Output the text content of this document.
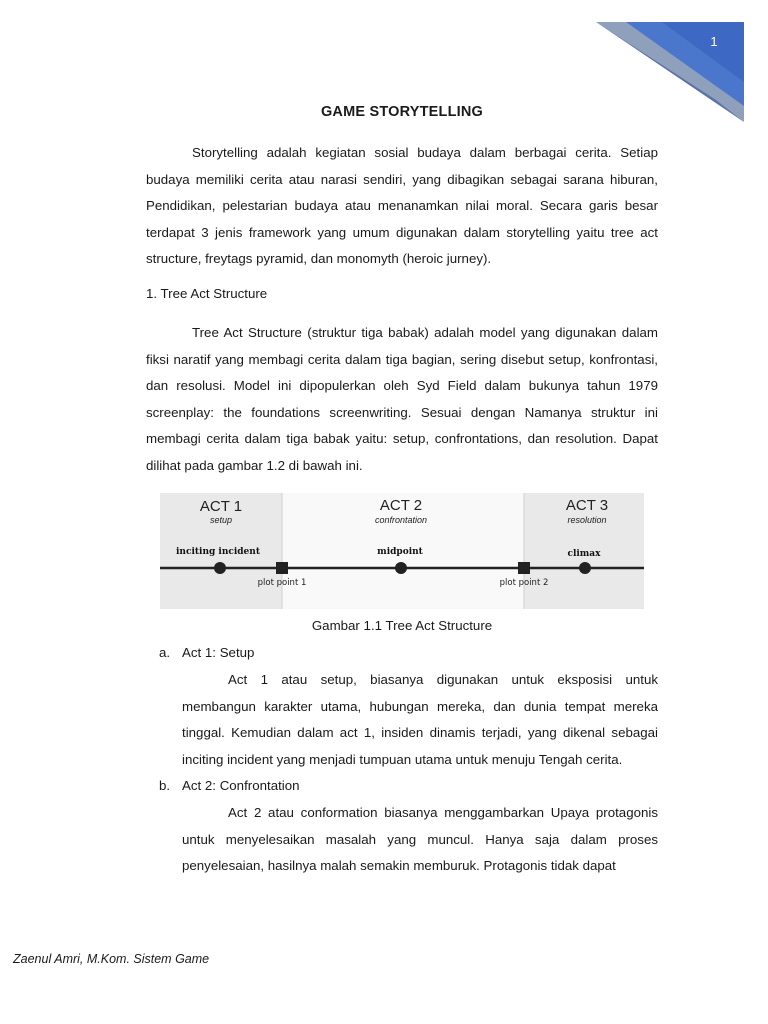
1
GAME STORYTELLING

Storytelling adalah kegiatan sosial budaya dalam berbagai cerita. Setiap budaya memiliki cerita atau narasi sendiri, yang dibagikan sebagai sarana hiburan, Pendidikan, pelestarian budaya atau menanamkan nilai moral. Secara garis besar terdapat 3 jenis framework yang umum digunakan dalam storytelling yaitu tree act structure, freytags pyramid, dan monomyth (heroic jurney).

1. Tree Act Structure

Tree Act Structure (struktur tiga babak) adalah model yang digunakan dalam fiksi naratif yang membagi cerita dalam tiga bagian, sering disebut setup, konfrontasi, dan resolusi. Model ini dipopulerkan oleh Syd Field dalam bukunya tahun 1979 screenplay: the foundations screenwriting. Sesuai dengan Namanya struktur ini membagi cerita dalam tiga babak yaitu: setup, confrontations, dan resolution. Dapat dilihat pada gambar 1.2 di bawah ini.

ACT 1
setup
ACT 2
confrontation
ACT 3
resolution
inciting incident	midpoint	climax
plot point 1	plot point 2
Gambar 1.1 Tree Act Structure
a. Act 1: Setup

Act 1 atau setup, biasanya digunakan untuk eksposisi untuk membangun karakter utama, hubungan mereka, dan dunia tempat mereka tinggal. Kemudian dalam act 1, insiden dinamis terjadi, yang dikenal sebagai inciting incident yang menjadi tumpuan utama untuk menuju Tengah cerita.

b. Act 2: Confrontation

Act 2 atau conformation biasanya menggambarkan Upaya protagonis untuk menyelesaikan masalah yang muncul. Hanya saja dalam proses penyelesaian, hasilnya malah semakin memburuk. Protagonis tidak dapat

Zaenul Amri, M.Kom. Sistem Game
